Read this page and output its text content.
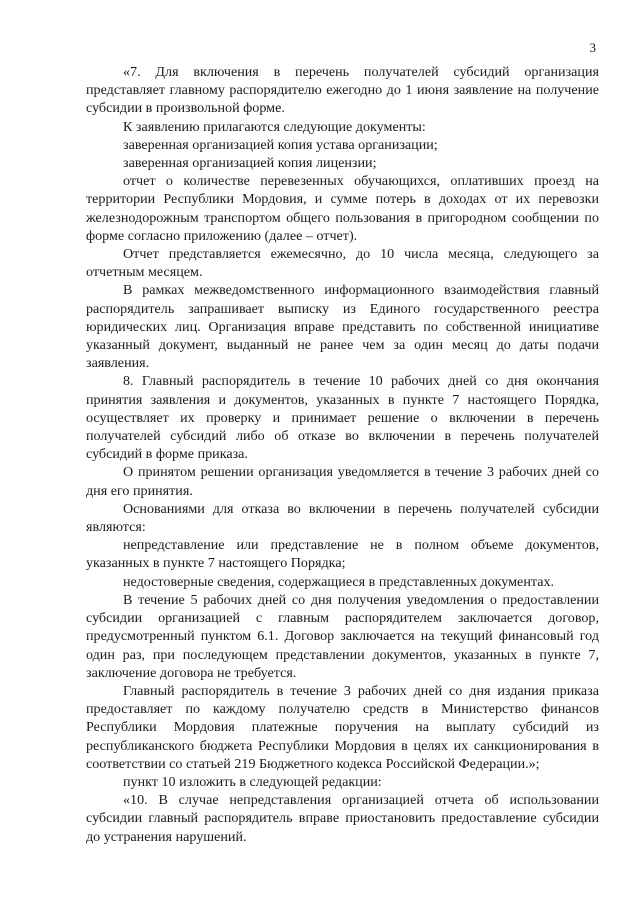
3

«7. Для включения в перечень получателей субсидий организация представляет главному распорядителю ежегодно до 1 июня заявление на получение субсидии в произвольной форме.

К заявлению прилагаются следующие документы:

заверенная организацией копия устава организации;

заверенная организацией копия лицензии;

отчет о количестве перевезенных обучающихся, оплативших проезд на территории Республики Мордовия, и сумме потерь в доходах от их перевозки железнодорожным транспортом общего пользования в пригородном сообщении по форме согласно приложению (далее – отчет).

Отчет представляется ежемесячно, до 10 числа месяца, следующего за отчетным месяцем.

В рамках межведомственного информационного взаимодействия главный распорядитель запрашивает выписку из Единого государственного реестра юридических лиц. Организация вправе представить по собственной инициативе указанный документ, выданный не ранее чем за один месяц до даты подачи заявления.

8. Главный распорядитель в течение 10 рабочих дней со дня окончания принятия заявления и документов, указанных в пункте 7 настоящего Порядка, осуществляет их проверку и принимает решение о включении в перечень получателей субсидий либо об отказе во включении в перечень получателей субсидий в форме приказа.

О принятом решении организация уведомляется в течение 3 рабочих дней со дня его принятия.

Основаниями для отказа во включении в перечень получателей субсидии являются:

непредставление или представление не в полном объеме документов, указанных в пункте 7 настоящего Порядка;

недостоверные сведения, содержащиеся в представленных документах.

В течение 5 рабочих дней со дня получения уведомления о предоставлении субсидии организацией с главным распорядителем заключается договор, предусмотренный пунктом 6.1. Договор заключается на текущий финансовый год один раз, при последующем представлении документов, указанных в пункте 7, заключение договора не требуется.

Главный распорядитель в течение 3 рабочих дней со дня издания приказа предоставляет по каждому получателю средств в Министерство финансов Республики Мордовия платежные поручения на выплату субсидий из республиканского бюджета Республики Мордовия в целях их санкционирования в соответствии со статьей 219 Бюджетного кодекса Российской Федерации.»;

пункт 10 изложить в следующей редакции:

«10. В случае непредставления организацией отчета об использовании субсидии главный распорядитель вправе приостановить предоставление субсидии до устранения нарушений.
